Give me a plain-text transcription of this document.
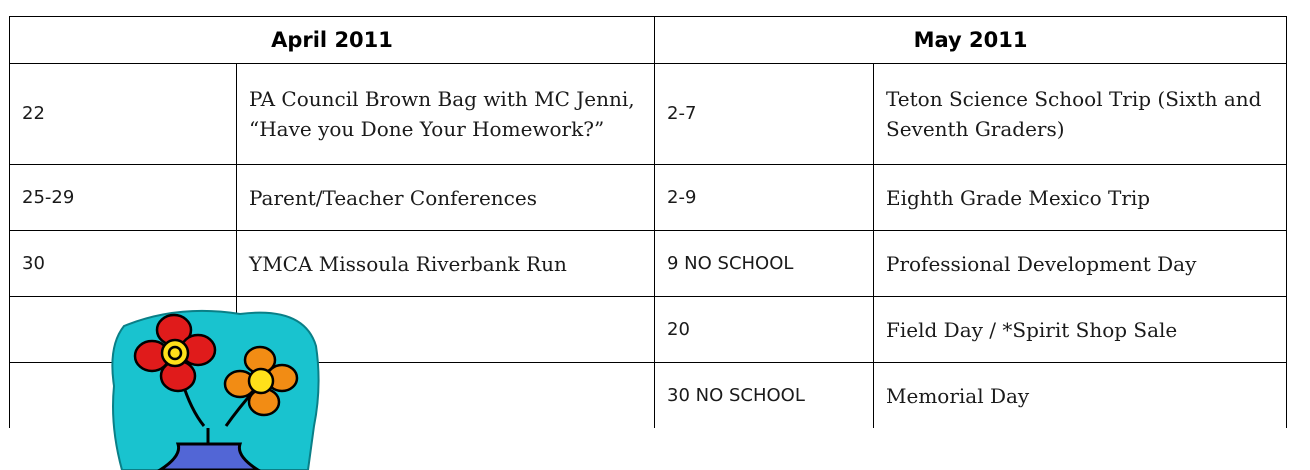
April 2011		May 2011	
22	PA Council Brown Bag with MC Jenni, “Have you Done Your Homework?”	2-7	Teton Science School Trip (Sixth and Seventh Graders)
25-29	Parent/Teacher Conferences	2-9	Eighth Grade Mexico Trip
30	YMCA Missoula Riverbank Run	9 NO SCHOOL	Professional Development Day
		20	Field Day / *Spirit Shop Sale
		30 NO SCHOOL	Memorial Day
